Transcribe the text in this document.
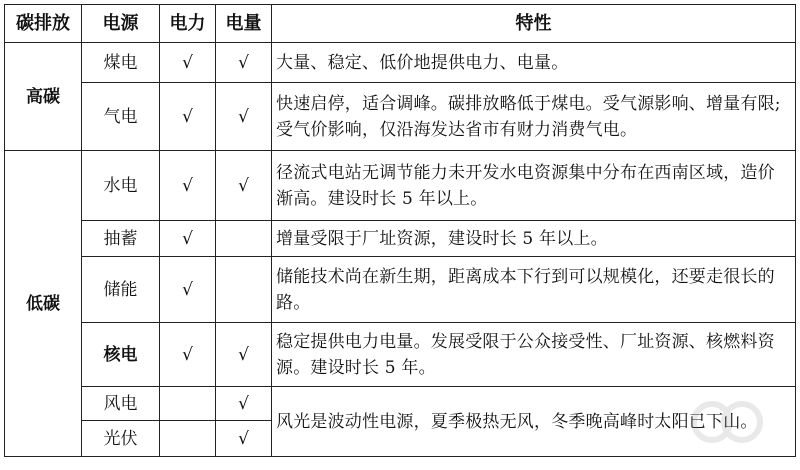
碳排放	电源	电力	电量	特性
高碳	煤电	√	√	大量、稳定、低价地提供电力、电量。
	气电	√	√	快速启停，适合调峰。碳排放略低于煤电。受气源影响、增量有限;受气价影响，仅沿海发达省市有财力消费气电。
低碳	水电	√	√	径流式电站无调节能力未开发水电资源集中分布在西南区域，造价渐高。建设时长 5 年以上。
	抽蓄	√		增量受限于厂址资源，建设时长 5 年以上。
	储能	√		储能技术尚在新生期，距离成本下行到可以规模化，还要走很长的路。
	核电	√	√	稳定提供电力电量。发展受限于公众接受性、厂址资源、核燃料资源。建设时长 5 年。
	风电		√	风光是波动性电源，夏季极热无风，冬季晚高峰时太阳已下山。
	光伏		√	
